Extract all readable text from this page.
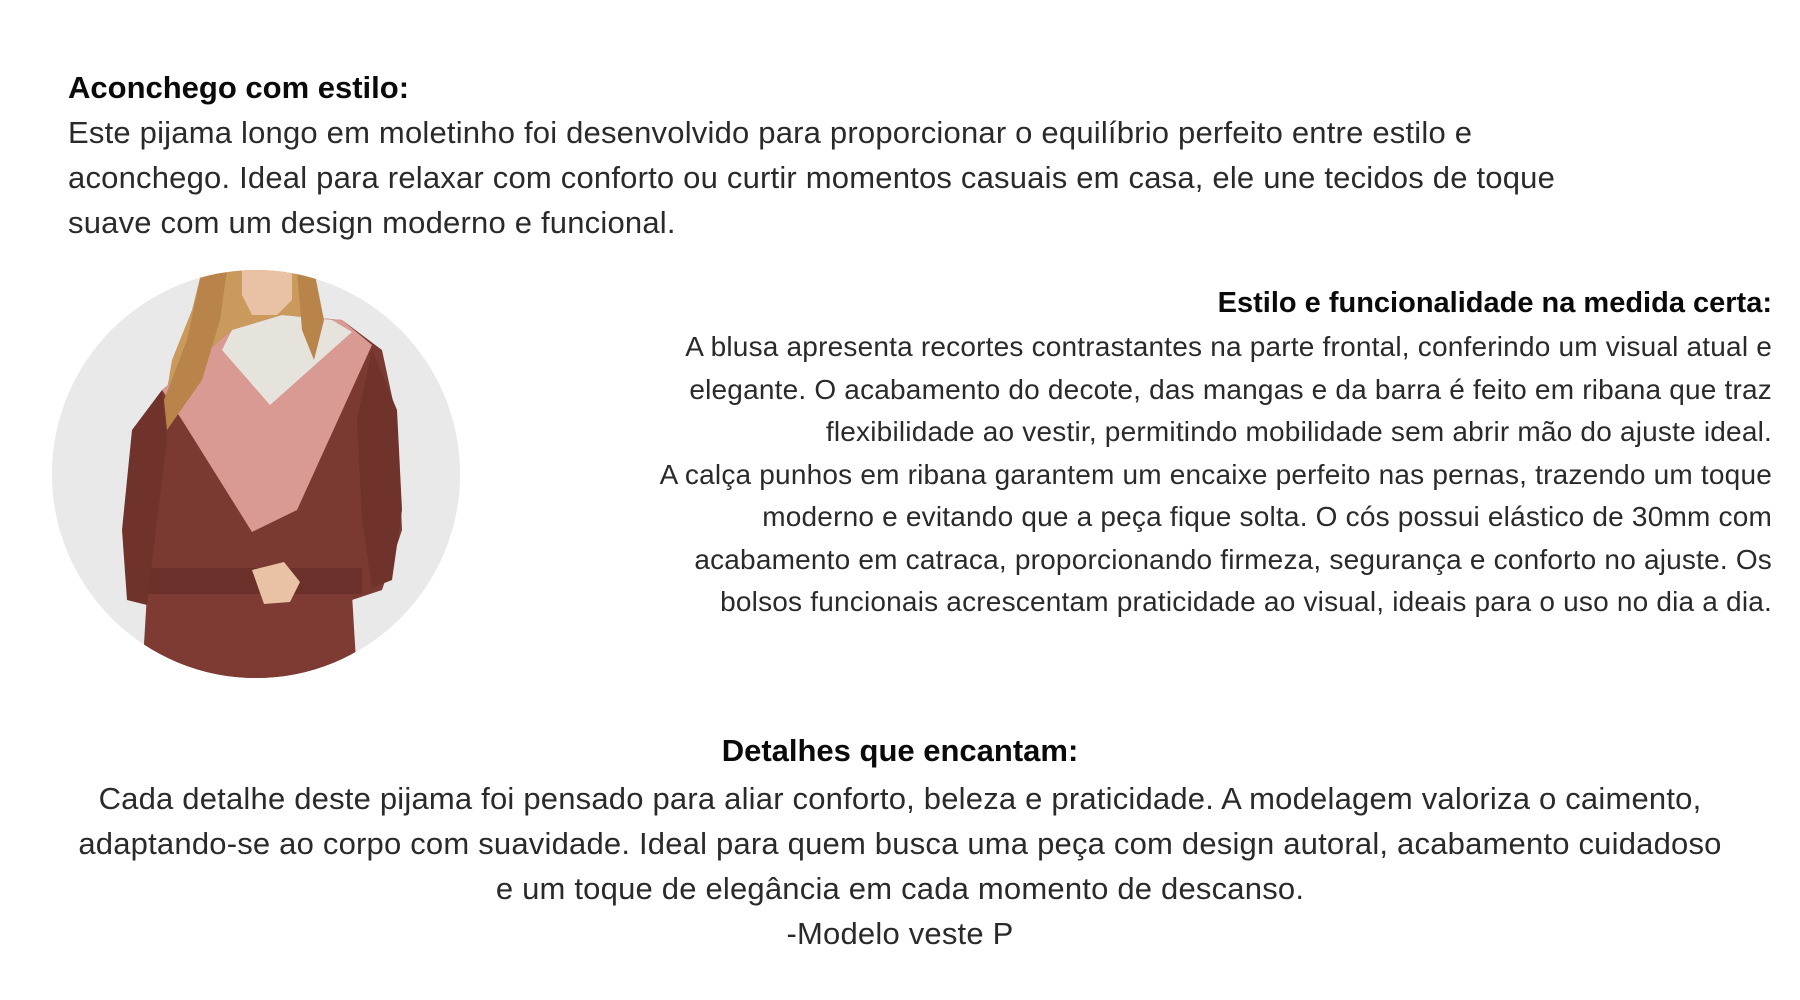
Aconchego com estilo:

Este pijama longo em moletinho foi desenvolvido para proporcionar o equilíbrio perfeito entre estilo e
aconchego. Ideal para relaxar com conforto ou curtir momentos casuais em casa, ele une tecidos de toque
suave com um design moderno e funcional.

Estilo e funcionalidade na medida certa:

A blusa apresenta recortes contrastantes na parte frontal, conferindo um visual atual e
elegante. O acabamento do decote, das mangas e da barra é feito em ribana que traz
flexibilidade ao vestir, permitindo mobilidade sem abrir mão do ajuste ideal.
A calça punhos em ribana garantem um encaixe perfeito nas pernas, trazendo um toque
moderno e evitando que a peça fique solta. O cós possui elástico de 30mm com
acabamento em catraca, proporcionando firmeza, segurança e conforto no ajuste. Os
bolsos funcionais acrescentam praticidade ao visual, ideais para o uso no dia a dia.

Detalhes que encantam:

Cada detalhe deste pijama foi pensado para aliar conforto, beleza e praticidade. A modelagem valoriza o caimento,
adaptando-se ao corpo com suavidade. Ideal para quem busca uma peça com design autoral, acabamento cuidadoso
e um toque de elegância em cada momento de descanso.

-Modelo veste P
